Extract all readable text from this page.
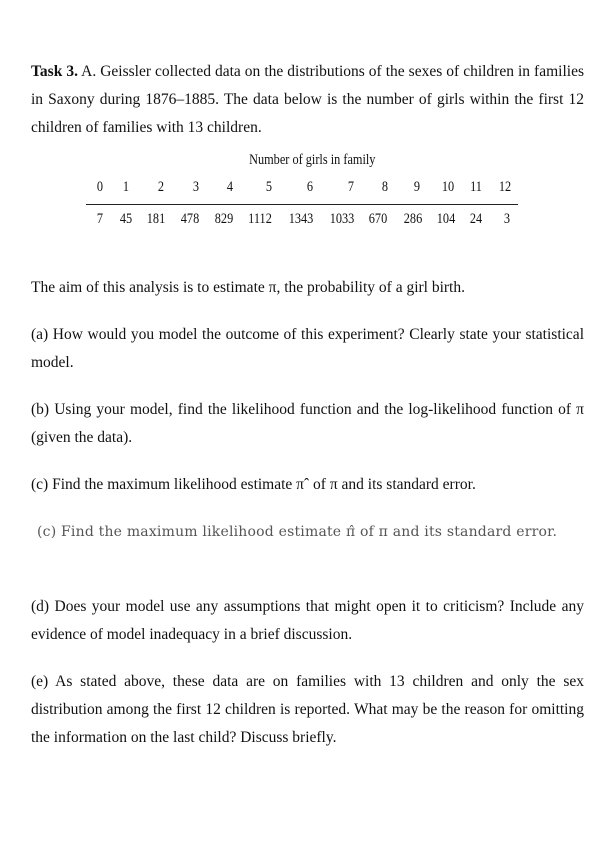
Task 3. A. Geissler collected data on the distributions of the sexes of children in families in Saxony during 1876–1885. The data below is the number of girls within the first 12 children of families with 13 children.

Number of girls in family
0 1 2 3 4 5 6 7 8 9 10 11 12
7 45 181 478 829 1112 1343 1033 670 286 104 24 3

The aim of this analysis is to estimate π, the probability of a girl birth.

(a) How would you model the outcome of this experiment? Clearly state your statistical model.

(b) Using your model, find the likelihood function and the log-likelihood function of π (given the data).

(c) Find the maximum likelihood estimate πˆ of π and its standard error.

(c) Find the maximum likelihood estimate π̂ of π and its standard error.

(d) Does your model use any assumptions that might open it to criticism? Include any evidence of model inadequacy in a brief discussion.

(e) As stated above, these data are on families with 13 children and only the sex distribution among the first 12 children is reported. What may be the reason for omitting the information on the last child? Discuss briefly.
